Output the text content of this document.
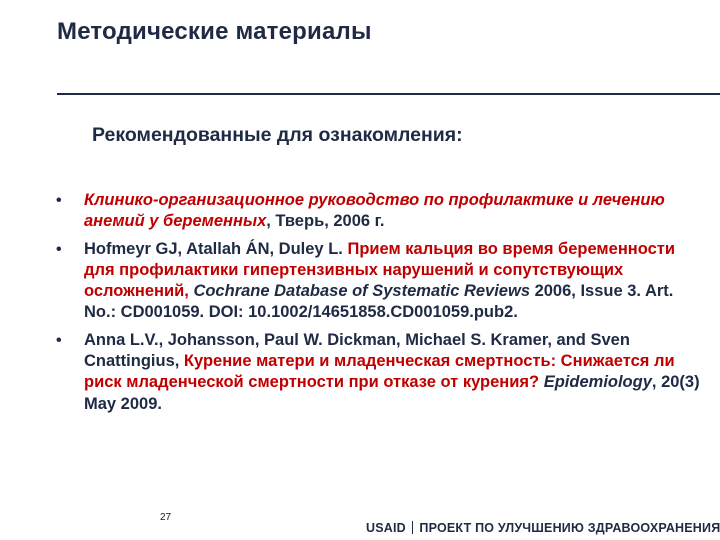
Методические материалы
Рекомендованные для ознакомления:
• Клинико-организационное руководство по профилактике и лечению анемий у беременных, Тверь, 2006 г.
• Hofmeyr GJ, Atallah ÁN, Duley L. Прием кальция во время беременности для профилактики гипертензивных нарушений и сопутствующих осложнений, Cochrane Database of Systematic Reviews 2006, Issue 3. Art. No.: CD001059. DOI: 10.1002/14651858.CD001059.pub2.
• Anna L.V., Johansson, Paul W. Dickman, Michael S. Kramer, and Sven Cnattingius, Курение матери и младенческая смертность: Снижается ли риск младенческой смертности при отказе от курения? Epidemiology, 20(3) May 2009.
27
USAID ПРОЕКТ ПО УЛУЧШЕНИЮ ЗДРАВООХРАНЕНИЯ
